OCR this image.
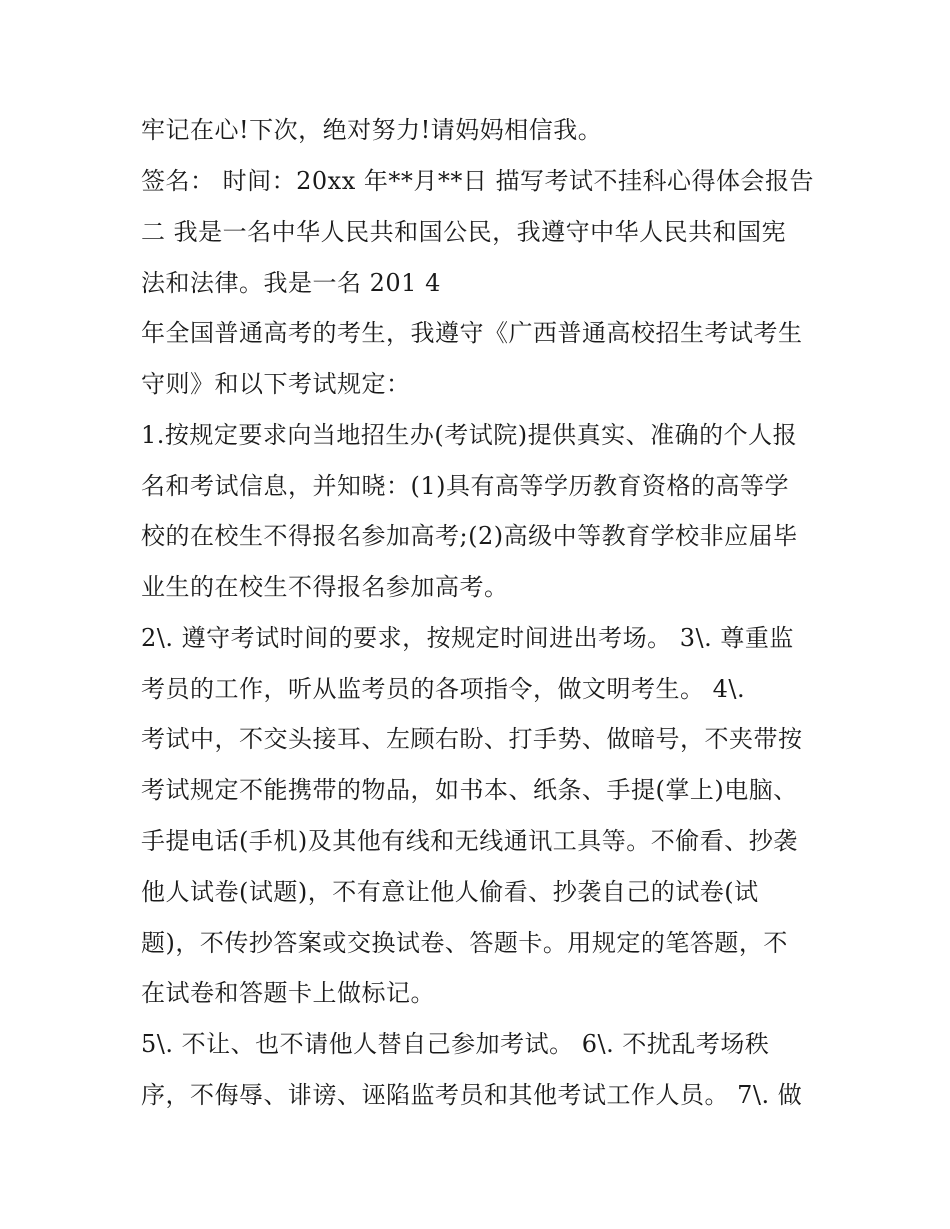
牢记在心!下次，绝对努力!请妈妈相信我。
签名： 时间：20xx 年**月**日 描写考试不挂科心得体会报告
二 我是一名中华人民共和国公民，我遵守中华人民共和国宪
法和法律。我是一名 201 4
年全国普通高考的考生，我遵守《广西普通高校招生考试考生
守则》和以下考试规定：
1.按规定要求向当地招生办(考试院)提供真实、准确的个人报
名和考试信息，并知晓：(1)具有高等学历教育资格的高等学
校的在校生不得报名参加高考;(2)高级中等教育学校非应届毕
业生的在校生不得报名参加高考。
2\. 遵守考试时间的要求，按规定时间进出考场。 3\. 尊重监
考员的工作，听从监考员的各项指令，做文明考生。 4\.
考试中，不交头接耳、左顾右盼、打手势、做暗号，不夹带按
考试规定不能携带的物品，如书本、纸条、手提(掌上)电脑、
手提电话(手机)及其他有线和无线通讯工具等。不偷看、抄袭
他人试卷(试题)，不有意让他人偷看、抄袭自己的试卷(试
题)，不传抄答案或交换试卷、答题卡。用规定的笔答题，不
在试卷和答题卡上做标记。
5\. 不让、也不请他人替自己参加考试。 6\. 不扰乱考场秩
序，不侮辱、诽谤、诬陷监考员和其他考试工作人员。 7\. 做
